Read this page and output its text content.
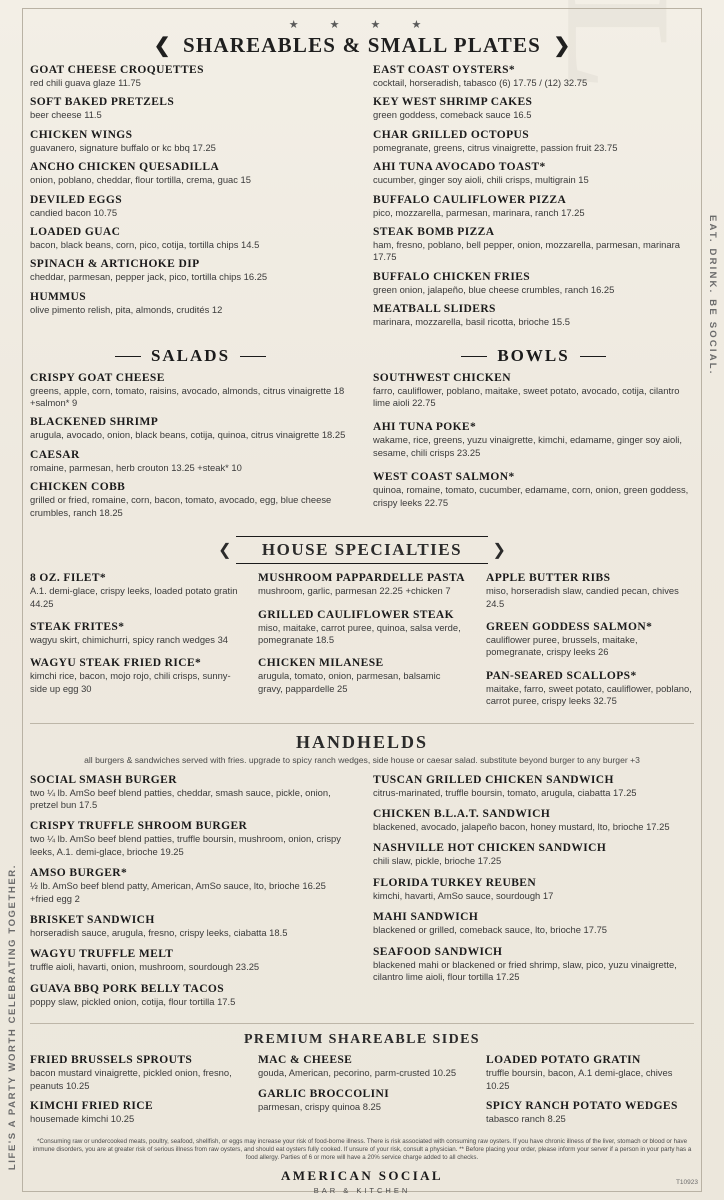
EAT. DRINK. BE SOCIAL.
LIFE'S A PARTY WORTH CELEBRATING TOGETHER.
★ ★ ★ ★
❮ SHAREABLES & SMALL PLATES ❯
GOAT CHEESE CROQUETTES
red chili guava glaze 11.75
SOFT BAKED PRETZELS
beer cheese 11.5
CHICKEN WINGS
guavanero, signature buffalo or kc bbq 17.25
ANCHO CHICKEN QUESADILLA
onion, poblano, cheddar, flour tortilla, crema, guac 15
DEVILED EGGS
candied bacon 10.75
LOADED GUAC
bacon, black beans, corn, pico, cotija, tortilla chips 14.5
SPINACH & ARTICHOKE DIP
cheddar, parmesan, pepper jack, pico, tortilla chips 16.25
HUMMUS
olive pimento relish, pita, almonds, crudités 12
EAST COAST OYSTERS*
cocktail, horseradish, tabasco (6) 17.75 / (12) 32.75
KEY WEST SHRIMP CAKES
green goddess, comeback sauce 16.5
CHAR GRILLED OCTOPUS
pomegranate, greens, citrus vinaigrette, passion fruit 23.75
AHI TUNA AVOCADO TOAST*
cucumber, ginger soy aioli, chili crisps, multigrain 15
BUFFALO CAULIFLOWER PIZZA
pico, mozzarella, parmesan, marinara, ranch 17.25
STEAK BOMB PIZZA
ham, fresno, poblano, bell pepper, onion, mozzarella, parmesan, marinara 17.75
BUFFALO CHICKEN FRIES
green onion, jalapeño, blue cheese crumbles, ranch 16.25
MEATBALL SLIDERS
marinara, mozzarella, basil ricotta, brioche 15.5
SALADS
CRISPY GOAT CHEESE
greens, apple, corn, tomato, raisins, avocado, almonds, citrus vinaigrette 18 +salmon* 9
BLACKENED SHRIMP
arugula, avocado, onion, black beans, cotija, quinoa, citrus vinaigrette 18.25
CAESAR
romaine, parmesan, herb crouton 13.25 +steak* 10
CHICKEN COBB
grilled or fried, romaine, corn, bacon, tomato, avocado, egg, blue cheese crumbles, ranch 18.25
BOWLS
SOUTHWEST CHICKEN
farro, cauliflower, poblano, maitake, sweet potato, avocado, cotija, cilantro lime aioli 22.75
AHI TUNA POKE*
wakame, rice, greens, yuzu vinaigrette, kimchi, edamame, ginger soy aioli, sesame, chili crisps 23.25
WEST COAST SALMON*
quinoa, romaine, tomato, cucumber, edamame, corn, onion, green goddess, crispy leeks 22.75
❮ HOUSE SPECIALTIES ❯
8 OZ. FILET*
A.1. demi-glace, crispy leeks, loaded potato gratin 44.25
STEAK FRITES*
wagyu skirt, chimichurri, spicy ranch wedges 34
WAGYU STEAK FRIED RICE*
kimchi rice, bacon, mojo rojo, chili crisps, sunny-side up egg 30
MUSHROOM PAPPARDELLE PASTA
mushroom, garlic, parmesan 22.25 +chicken 7
GRILLED CAULIFLOWER STEAK
miso, maitake, carrot puree, quinoa, salsa verde, pomegranate 18.5
CHICKEN MILANESE
arugula, tomato, onion, parmesan, balsamic gravy, pappardelle 25
APPLE BUTTER RIBS
miso, horseradish slaw, candied pecan, chives 24.5
GREEN GODDESS SALMON*
cauliflower puree, brussels, maitake, pomegranate, crispy leeks 26
PAN-SEARED SCALLOPS*
maitake, farro, sweet potato, cauliflower, poblano, carrot puree, crispy leeks 32.75
HANDHELDS
all burgers & sandwiches served with fries. upgrade to spicy ranch wedges, side house or caesar salad. substitute beyond burger to any burger +3
SOCIAL SMASH BURGER
two ¼ lb. AmSo beef blend patties, cheddar, smash sauce, pickle, onion, pretzel bun 17.5
CRISPY TRUFFLE SHROOM BURGER
two ¼ lb. AmSo beef blend patties, truffle boursin, mushroom, onion, crispy leeks, A.1. demi-glace, brioche 19.25
AMSO BURGER*
½ lb. AmSo beef blend patty, American, AmSo sauce, lto, brioche 16.25 +fried egg 2
BRISKET SANDWICH
horseradish sauce, arugula, fresno, crispy leeks, ciabatta 18.5
WAGYU TRUFFLE MELT
truffle aioli, havarti, onion, mushroom, sourdough 23.25
GUAVA BBQ PORK BELLY TACOS
poppy slaw, pickled onion, cotija, flour tortilla 17.5
TUSCAN GRILLED CHICKEN SANDWICH
citrus-marinated, truffle boursin, tomato, arugula, ciabatta 17.25
CHICKEN B.L.A.T. SANDWICH
blackened, avocado, jalapeño bacon, honey mustard, lto, brioche 17.25
NASHVILLE HOT CHICKEN SANDWICH
chili slaw, pickle, brioche 17.25
FLORIDA TURKEY REUBEN
kimchi, havarti, AmSo sauce, sourdough 17
MAHI SANDWICH
blackened or grilled, comeback sauce, lto, brioche 17.75
SEAFOOD SANDWICH
blackened mahi or blackened or fried shrimp, slaw, pico, yuzu vinaigrette, cilantro lime aioli, flour tortilla 17.25
PREMIUM SHAREABLE SIDES
FRIED BRUSSELS SPROUTS
bacon mustard vinaigrette, pickled onion, fresno, peanuts 10.25
KIMCHI FRIED RICE
housemade kimchi 10.25
MAC & CHEESE
gouda, American, pecorino, parm-crusted 10.25
GARLIC BROCCOLINI
parmesan, crispy quinoa 8.25
LOADED POTATO GRATIN
truffle boursin, bacon, A.1 demi-glace, chives 10.25
SPICY RANCH POTATO WEDGES
tabasco ranch 8.25
*Consuming raw or undercooked meats, poultry, seafood, shellfish, or eggs may increase your risk of food-borne illness. There is risk associated with consuming raw oysters. If you have chronic illness of the liver, stomach or blood or have immune disorders, you are at greater risk of serious illness from raw oysters, and should eat oysters fully cooked. If unsure of your risk, consult a physician. ** Before placing your order, please inform your server if a person in your party has a food allergy. Parties of 6 or more will have a 20% service charge added to all checks.
AMERICAN SOCIAL
BAR & KITCHEN
T10923
